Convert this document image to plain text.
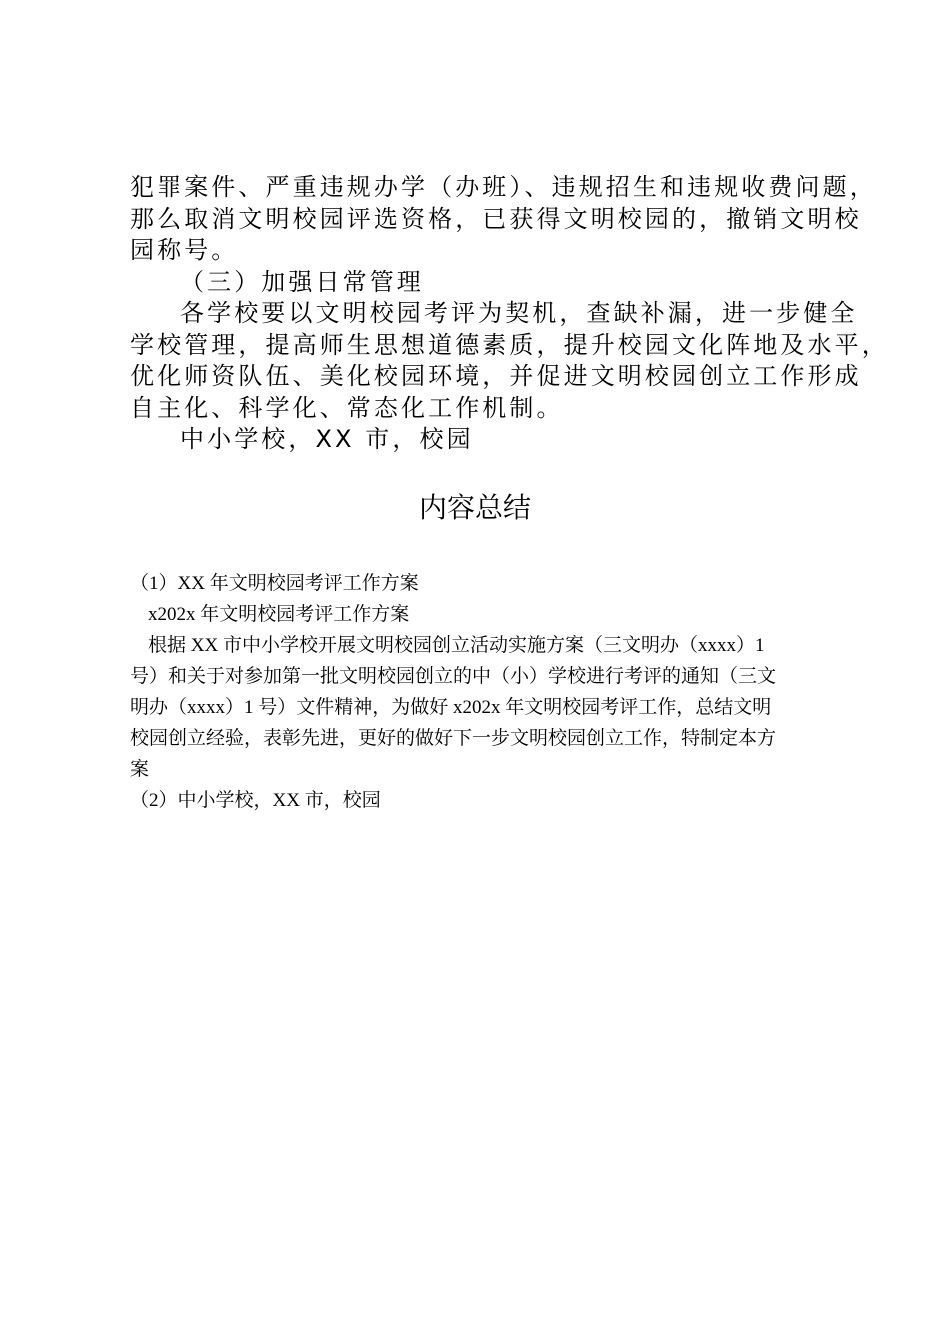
犯罪案件、严重违规办学（办班）、违规招生和违规收费问题，

那么取消文明校园评选资格，已获得文明校园的，撤销文明校

园称号。

（三）加强日常管理

各学校要以文明校园考评为契机，查缺补漏，进一步健全

学校管理，提高师生思想道德素质，提升校园文化阵地及水平，

优化师资队伍、美化校园环境，并促进文明校园创立工作形成

自主化、科学化、常态化工作机制。

中小学校，XX 市，校园

内容总结

（1）XX 年文明校园考评工作方案

x202x 年文明校园考评工作方案

根据 XX 市中小学校开展文明校园创立活动实施方案（三文明办（xxxx）1

号）和关于对参加第一批文明校园创立的中（小）学校进行考评的通知（三文

明办（xxxx）1 号）文件精神，为做好 x202x 年文明校园考评工作，总结文明

校园创立经验，表彰先进，更好的做好下一步文明校园创立工作，特制定本方

案

（2）中小学校，XX 市，校园
